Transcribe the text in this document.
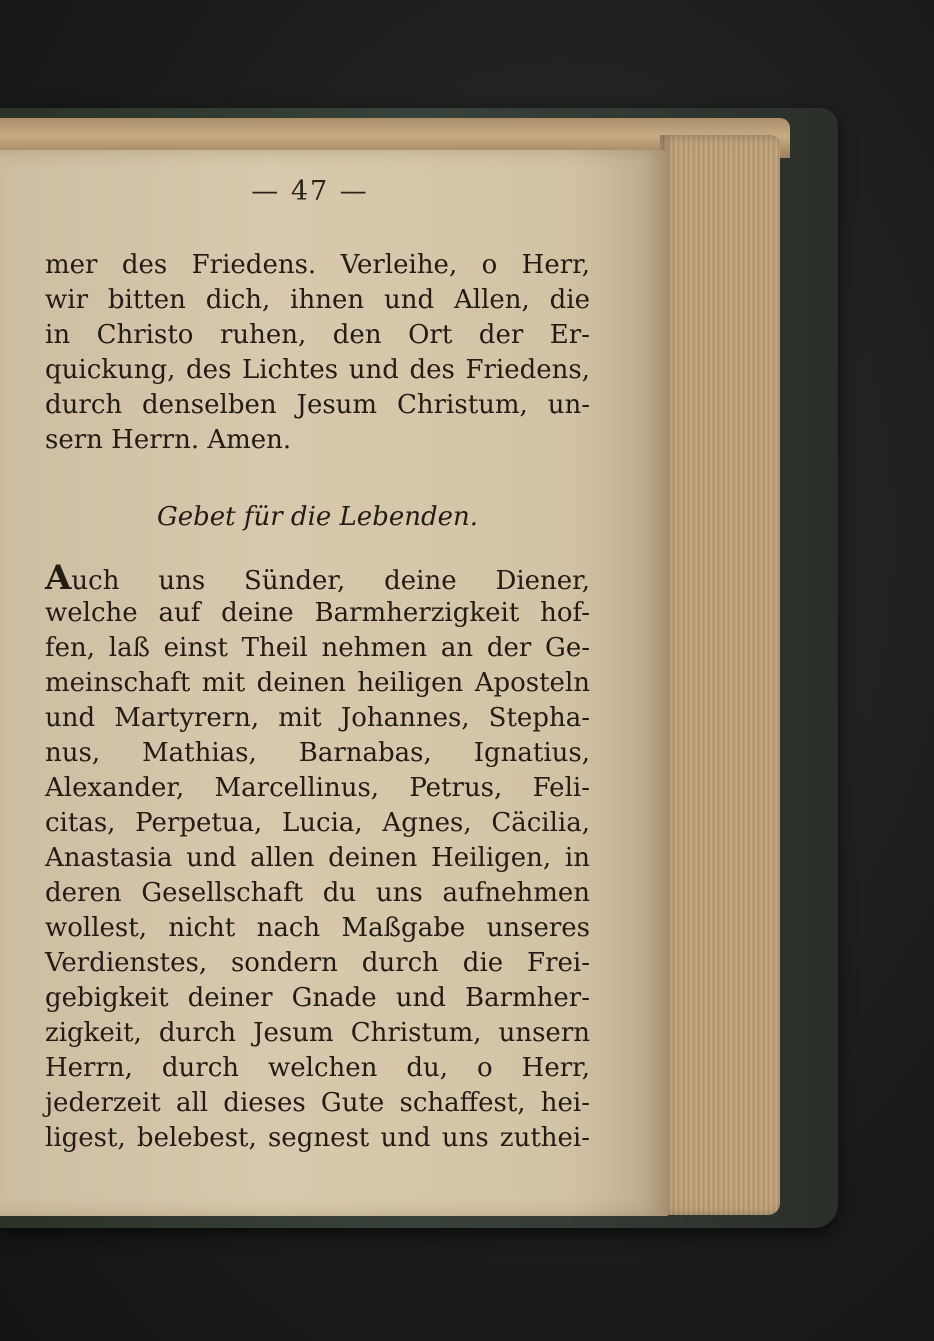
— 47 —
mer des Friedens. Verleihe, o Herr,
wir bitten dich, ihnen und Allen, die
in Christo ruhen, den Ort der Er-
quickung, des Lichtes und des Friedens,
durch denselben Jesum Christum, un-
sern Herrn. Amen.
Gebet für die Lebenden.
Auch uns Sünder, deine Diener,
welche auf deine Barmherzigkeit hof-
fen, laß einst Theil nehmen an der Ge-
meinschaft mit deinen heiligen Aposteln
und Martyrern, mit Johannes, Stepha-
nus, Mathias, Barnabas, Ignatius,
Alexander, Marcellinus, Petrus, Feli-
citas, Perpetua, Lucia, Agnes, Cäcilia,
Anastasia und allen deinen Heiligen, in
deren Gesellschaft du uns aufnehmen
wollest, nicht nach Maßgabe unseres
Verdienstes, sondern durch die Frei-
gebigkeit deiner Gnade und Barmher-
zigkeit, durch Jesum Christum, unsern
Herrn, durch welchen du, o Herr,
jederzeit all dieses Gute schaffest, hei-
ligest, belebest, segnest und uns zuthei-
